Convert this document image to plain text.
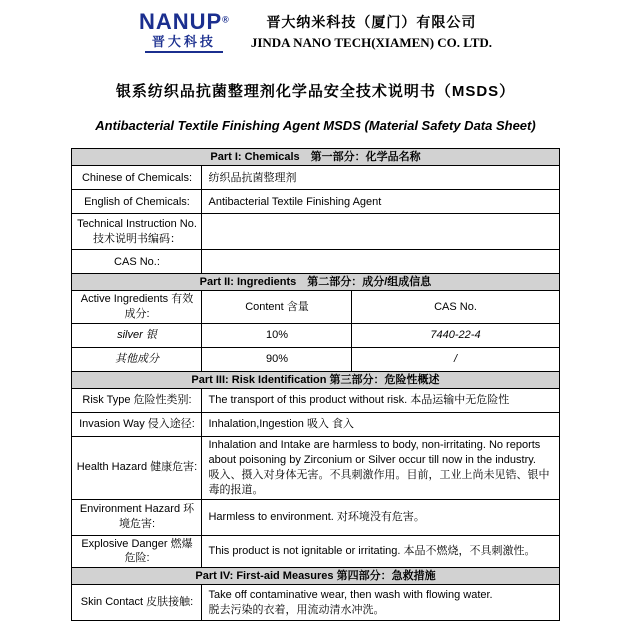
NANUP®
晋大科技
晋大纳米科技（厦门）有限公司
JINDA NANO TECH(XIAMEN) CO. LTD.
银系纺织品抗菌整理剂化学品安全技术说明书（MSDS）
Antibacterial Textile Finishing Agent MSDS (Material Safety Data Sheet)
Part I: Chemicals　第一部分：化学品名称		
Chinese of Chemicals:	纺织品抗菌整理剂	
English of Chemicals:	Antibacterial Textile Finishing Agent	

Technical Instruction No.
技术说明书编码：		

CAS No.:		
Part II: Ingredients　第二部分：成分/组成信息		
Active Ingredients 有效成分:	Content 含量	CAS No.
silver 银	10%	7440-22-4
其他成分	90%	/
Part III: Risk Identification 第三部分：危险性概述		
Risk Type 危险性类别:	The transport of this product without risk. 本品运输中无危险性	
Invasion Way 侵入途径:	Inhalation,Ingestion 吸入 食入	
Health Hazard 健康危害:	Inhalation and Intake are harmless to body, non-irritating. No reports about poisoning by Zirconium or Silver occur till now in the industry.
吸入、摄入对身体无害。不具刺激作用。目前，工业上尚未见锆、银中毒的报道。	

Environment Hazard 环境危害:	Harmless to environment. 对环境没有危害。	
Explosive Danger 燃爆危险:	This product is not ignitable or irritating. 本品不燃烧，不具刺激性。	
Part IV: First-aid Measures 第四部分：急救措施		
Skin Contact 皮肤接触:	Take off contaminative wear, then wash with flowing water.
脱去污染的衣着，用流动清水冲洗。	
